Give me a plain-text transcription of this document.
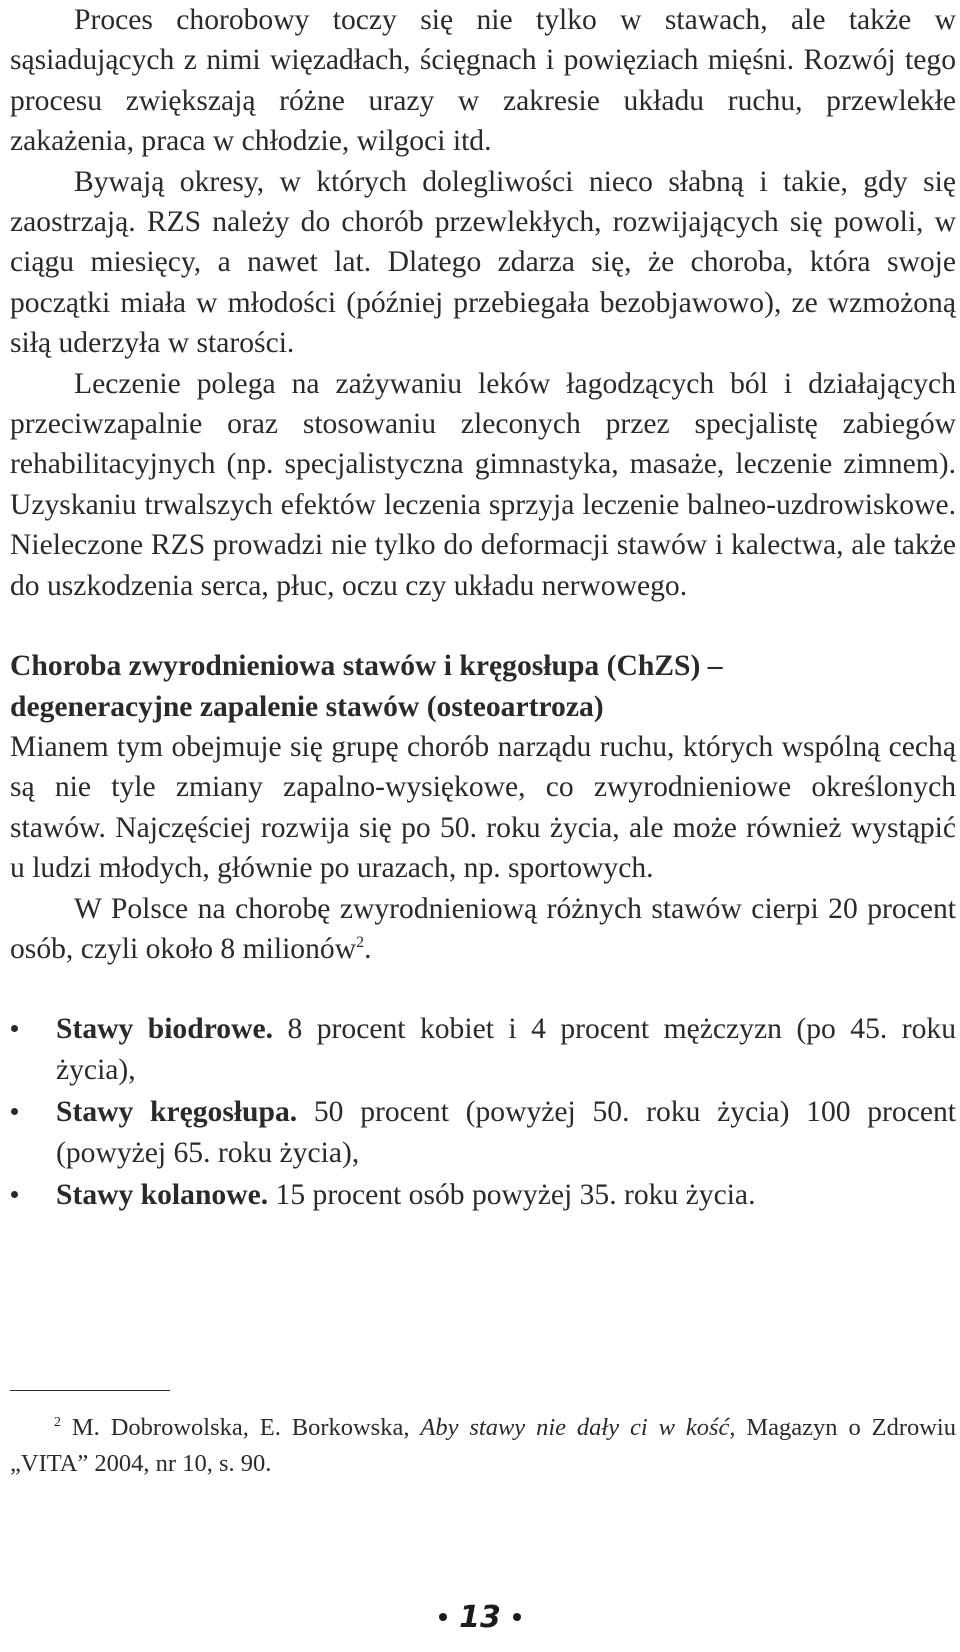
Proces chorobowy toczy się nie tylko w stawach, ale także w sąsiadujących z nimi więzadłach, ścięgnach i powięziach mięśni. Rozwój tego procesu zwiększają różne urazy w zakresie układu ruchu, przewlekłe zakażenia, praca w chłodzie, wilgoci itd.

Bywają okresy, w których dolegliwości nieco słabną i takie, gdy się zaostrzają. RZS należy do chorób przewlekłych, rozwijających się powoli, w ciągu miesięcy, a nawet lat. Dlatego zdarza się, że choroba, która swoje początki miała w młodości (później przebiegała bezobjawowo), ze wzmożoną siłą uderzyła w starości.

Leczenie polega na zażywaniu leków łagodzących ból i działających przeciwzapalnie oraz stosowaniu zleconych przez specjalistę zabiegów rehabilitacyjnych (np. specjalistyczna gimnastyka, masaże, leczenie zimnem). Uzyskaniu trwalszych efektów leczenia sprzyja leczenie balneo-uzdrowiskowe. Nieleczone RZS prowadzi nie tylko do deformacji stawów i kalectwa, ale także do uszkodzenia serca, płuc, oczu czy układu nerwowego.

Choroba zwyrodnieniowa stawów i kręgosłupa (ChZS) –

degeneracyjne zapalenie stawów (osteoartroza)

Mianem tym obejmuje się grupę chorób narządu ruchu, których wspólną cechą są nie tyle zmiany zapalno-wysiękowe, co zwyrodnieniowe określonych stawów. Najczęściej rozwija się po 50. roku życia, ale może również wystąpić u ludzi młodych, głównie po urazach, np. sportowych.

W Polsce na chorobę zwyrodnieniową różnych stawów cierpi 20 procent osób, czyli około 8 milionów$^2$.

Stawy biodrowe. 8 procent kobiet i 4 procent mężczyzn (po 45. roku życia),
Stawy kręgosłupa. 50 procent (powyżej 50. roku życia) 100 procent (powyżej 65. roku życia),
Stawy kolanowe. 15 procent osób powyżej 35. roku życia.
$^2$ M. Dobrowolska, E. Borkowska, Aby stawy nie dały ci w kość, Magazyn o Zdrowiu „VITA” 2004, nr 10, s. 90.
13
